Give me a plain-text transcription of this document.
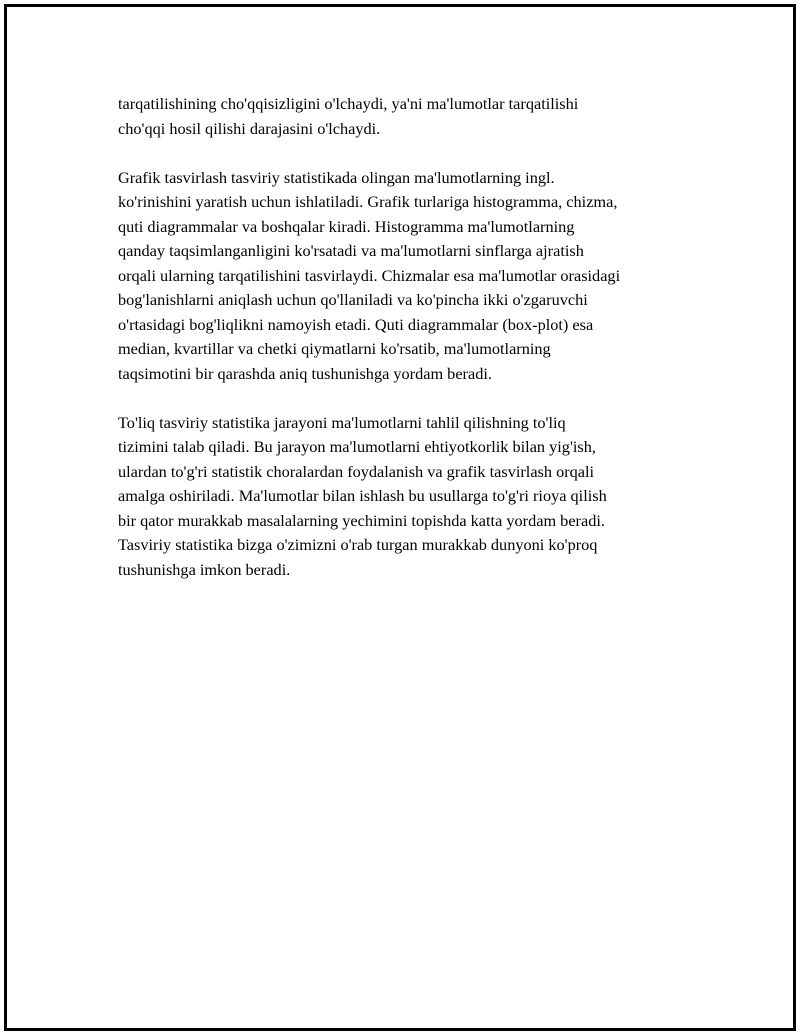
tarqatilishining cho'qqisizligini o'lchaydi, ya'ni ma'lumotlar tarqatilishi
cho'qqi hosil qilishi darajasini o'lchaydi.

Grafik tasvirlash tasviriy statistikada olingan ma'lumotlarning ingl.
ko'rinishini yaratish uchun ishlatiladi. Grafik turlariga histogramma, chizma,
quti diagrammalar va boshqalar kiradi. Histogramma ma'lumotlarning
qanday taqsimlanganligini ko'rsatadi va ma'lumotlarni sinflarga ajratish
orqali ularning tarqatilishini tasvirlaydi. Chizmalar esa ma'lumotlar orasidagi
bog'lanishlarni aniqlash uchun qo'llaniladi va ko'pincha ikki o'zgaruvchi
o'rtasidagi bog'liqlikni namoyish etadi. Quti diagrammalar (box-plot) esa
median, kvartillar va chetki qiymatlarni ko'rsatib, ma'lumotlarning
taqsimotini bir qarashda aniq tushunishga yordam beradi.

To'liq tasviriy statistika jarayoni ma'lumotlarni tahlil qilishning to'liq
tizimini talab qiladi. Bu jarayon ma'lumotlarni ehtiyotkorlik bilan yig'ish,
ulardan to'g'ri statistik choralardan foydalanish va grafik tasvirlash orqali
amalga oshiriladi. Ma'lumotlar bilan ishlash bu usullarga to'g'ri rioya qilish
bir qator murakkab masalalarning yechimini topishda katta yordam beradi.
Tasviriy statistika bizga o'zimizni o'rab turgan murakkab dunyoni ko'proq
tushunishga imkon beradi.
